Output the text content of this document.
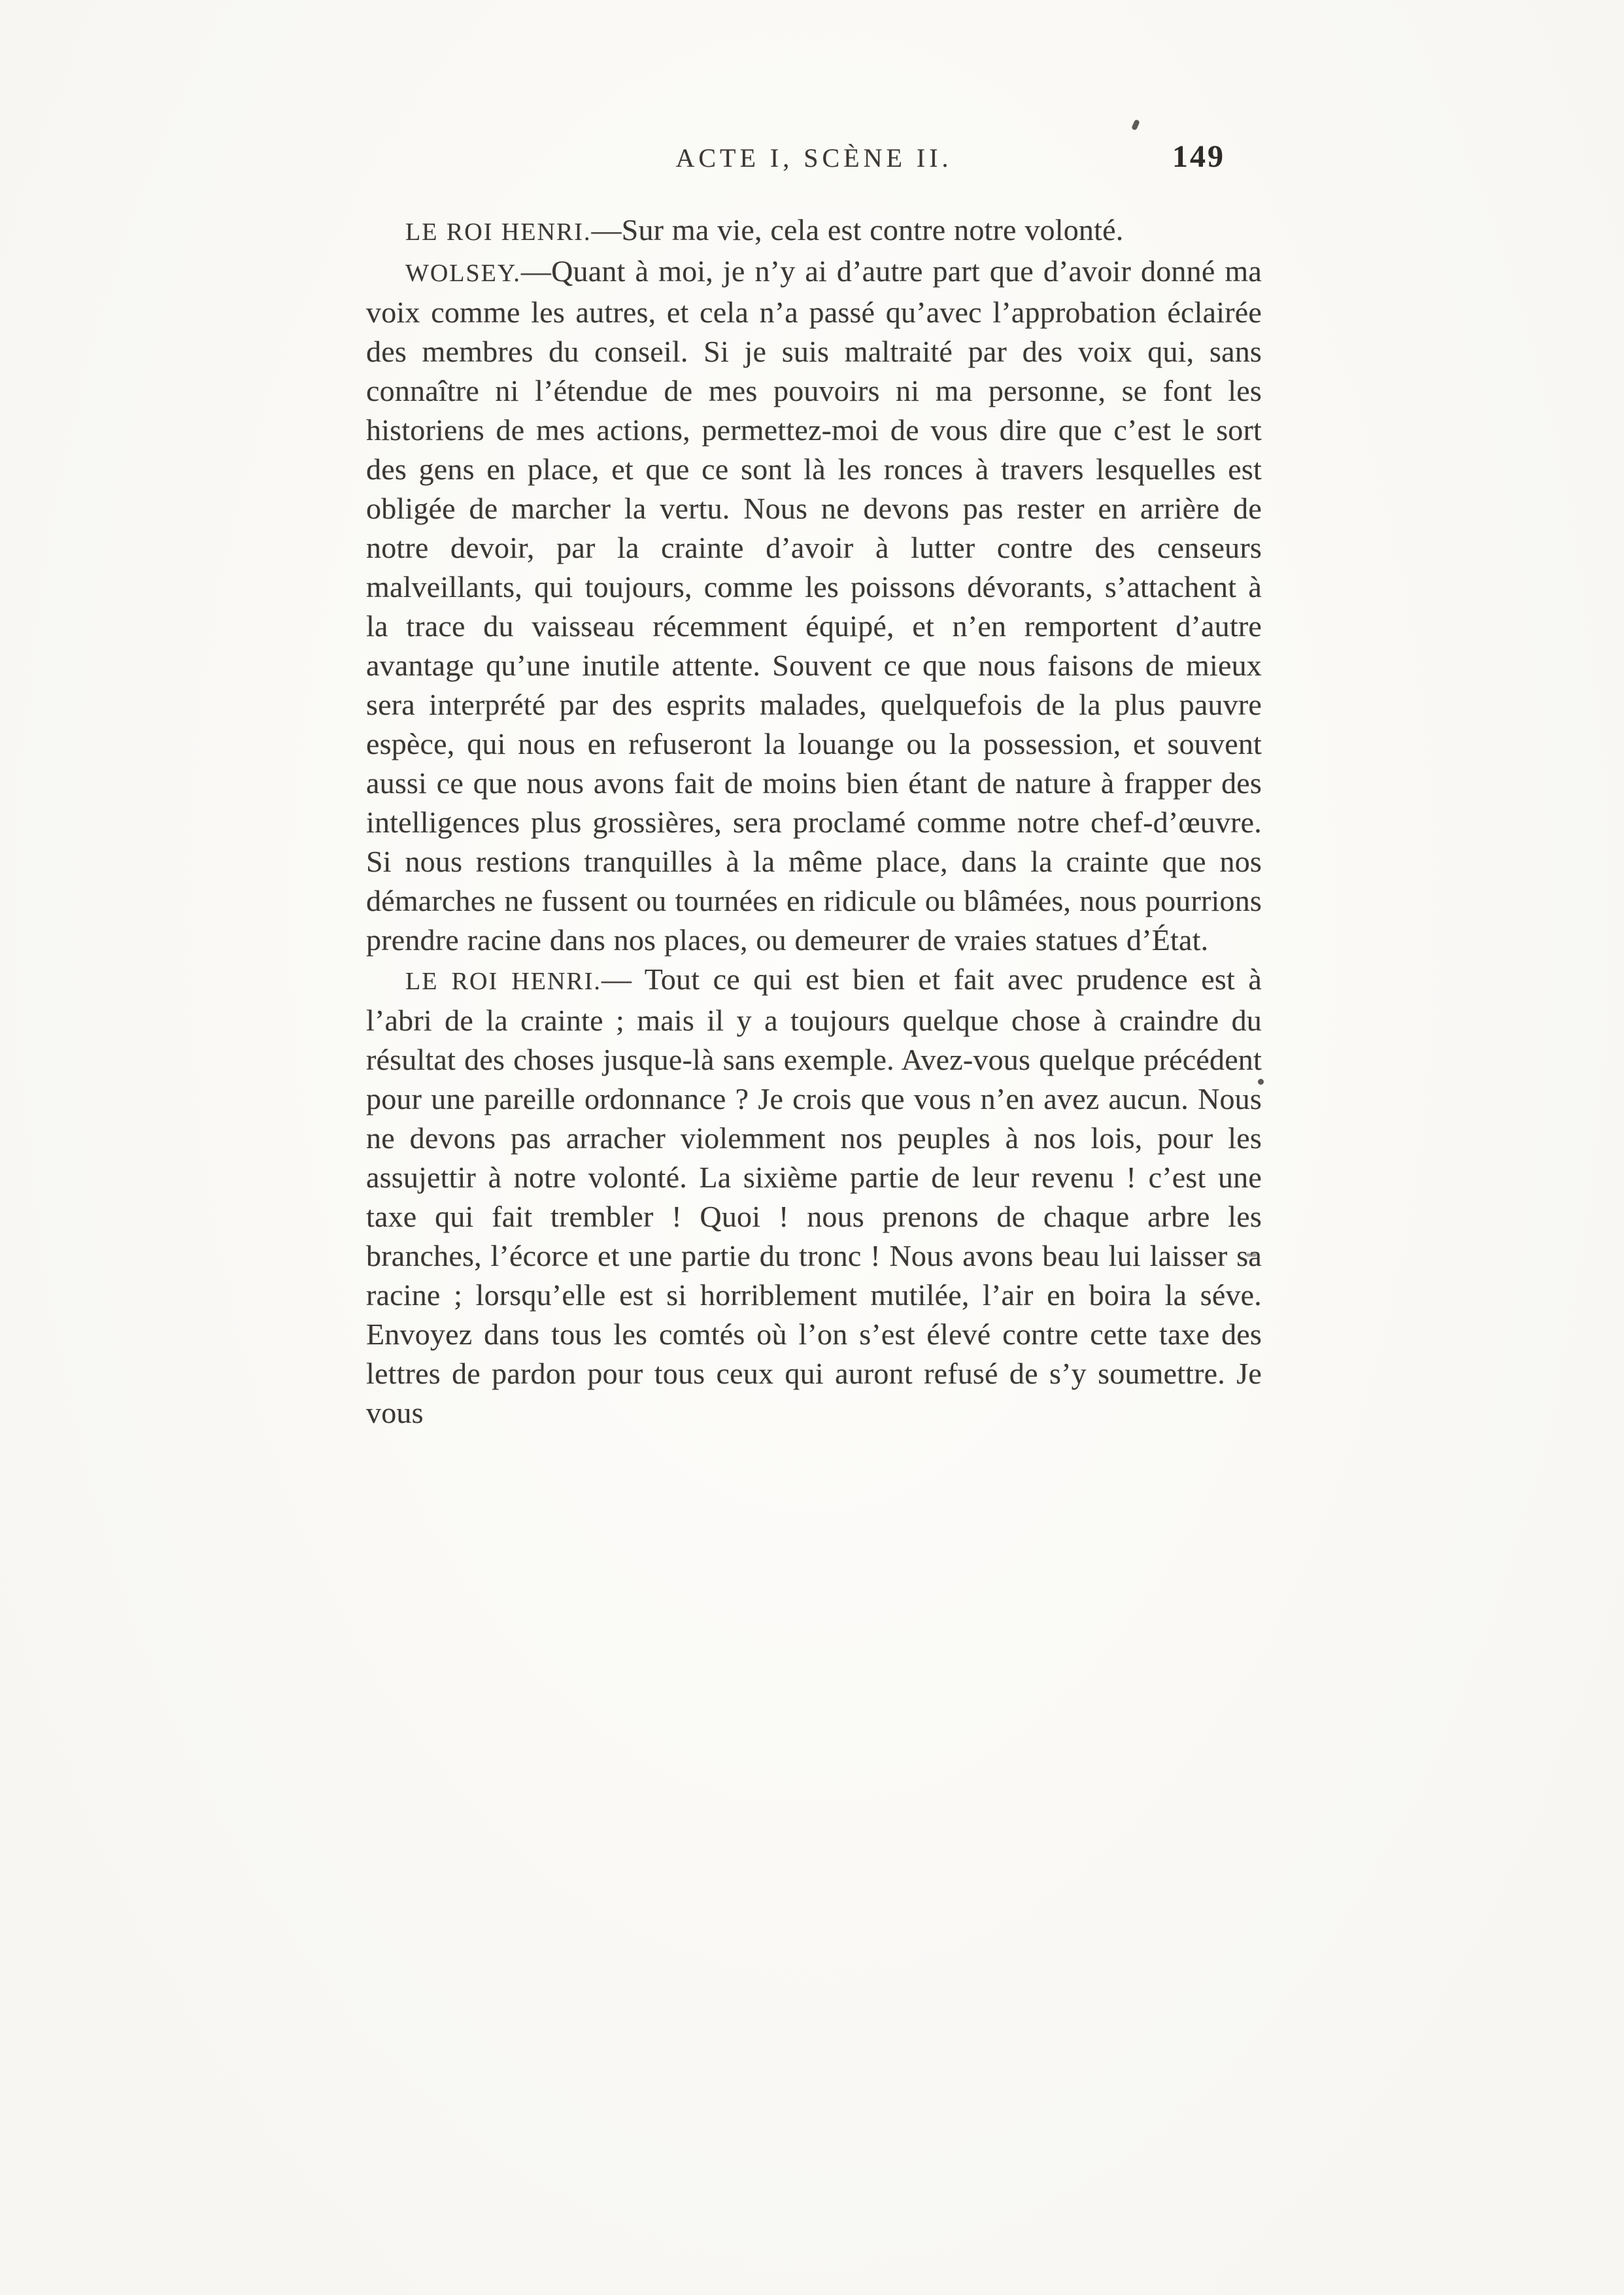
ACTE I, SCÈNE II.	149

LE ROI HENRI.—Sur ma vie, cela est contre notre volonté.

WOLSEY.—Quant à moi, je n’y ai d’autre part que d’avoir donné ma voix comme les autres, et cela n’a passé qu’avec l’approbation éclairée des membres du conseil. Si je suis maltraité par des voix qui, sans connaître ni l’étendue de mes pouvoirs ni ma personne, se font les historiens de mes actions, permettez-moi de vous dire que c’est le sort des gens en place, et que ce sont là les ronces à travers lesquelles est obligée de marcher la vertu. Nous ne devons pas rester en arrière de notre devoir, par la crainte d’avoir à lutter contre des censeurs malveillants, qui toujours, comme les poissons dévorants, s’attachent à la trace du vaisseau récemment équipé, et n’en remportent d’autre avantage qu’une inutile attente. Souvent ce que nous faisons de mieux sera interprété par des esprits malades, quelquefois de la plus pauvre espèce, qui nous en refuseront la louange ou la possession, et souvent aussi ce que nous avons fait de moins bien étant de nature à frapper des intelligences plus grossières, sera proclamé comme notre chef-d’œuvre. Si nous restions tranquilles à la même place, dans la crainte que nos démarches ne fussent ou tournées en ridicule ou blâmées, nous pourrions prendre racine dans nos places, ou demeurer de vraies statues d’État.

LE ROI HENRI.— Tout ce qui est bien et fait avec prudence est à l’abri de la crainte ; mais il y a toujours quelque chose à craindre du résultat des choses jusque-là sans exemple. Avez-vous quelque précédent pour une pareille ordonnance ? Je crois que vous n’en avez aucun. Nous ne devons pas arracher violemment nos peuples à nos lois, pour les assujettir à notre volonté. La sixième partie de leur revenu ! c’est une taxe qui fait trembler ! Quoi ! nous prenons de chaque arbre les branches, l’écorce et une partie du tronc ! Nous avons beau lui laisser sa racine ; lorsqu’elle est si horriblement mutilée, l’air en boira la séve. Envoyez dans tous les comtés où l’on s’est élevé contre cette taxe des lettres de pardon pour tous ceux qui auront refusé de s’y soumettre. Je vous
